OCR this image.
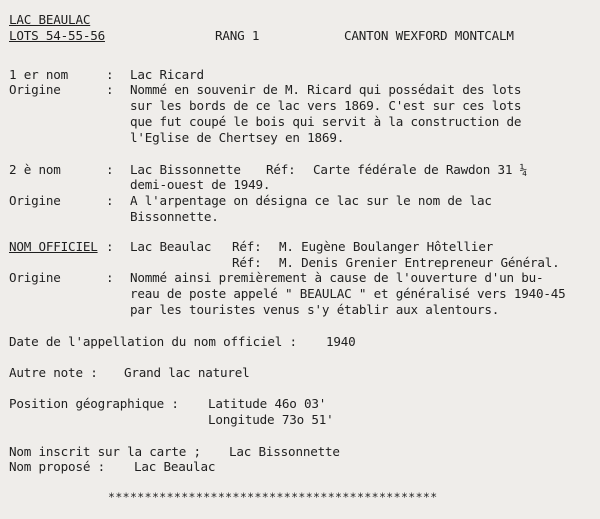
LAC BEAULAC
LOTS 54-55-56	RANG 1	CANTON WEXFORD MONTCALM
1 er nom	: Lac Ricard
Origine	: Nommé en souvenir de M. Ricard qui possédait des lots
sur les bords de ce lac vers 1869. C'est sur ces lots
que fut coupé le bois qui servit à la construction de
l'Eglise de Chertsey en 1869.
2 è nom	: Lac Bissonnette Réf: Carte fédérale de Rawdon 31 ¼
demi-ouest de 1949.
Origine	: A l'arpentage on désigna ce lac sur le nom de lac
Bissonnette.
NOM OFFICIEL : Lac Beaulac Réf: M. Eugène Boulanger Hôtellier
Réf: M. Denis Grenier Entrepreneur Général.
Origine	: Nommé ainsi premièrement à cause de l'ouverture d'un bu-
reau de poste appelé " BEAULAC " et généralisé vers 1940-45
par les touristes venus s'y établir aux alentours.
Date de l'appellation du nom officiel : 1940
Autre note : Grand lac naturel
Position géographique : Latitude 46o 03'
Longitude 73o 51'
Nom inscrit sur la carte ; Lac Bissonnette
Nom proposé : Lac Beaulac
*********************************************
